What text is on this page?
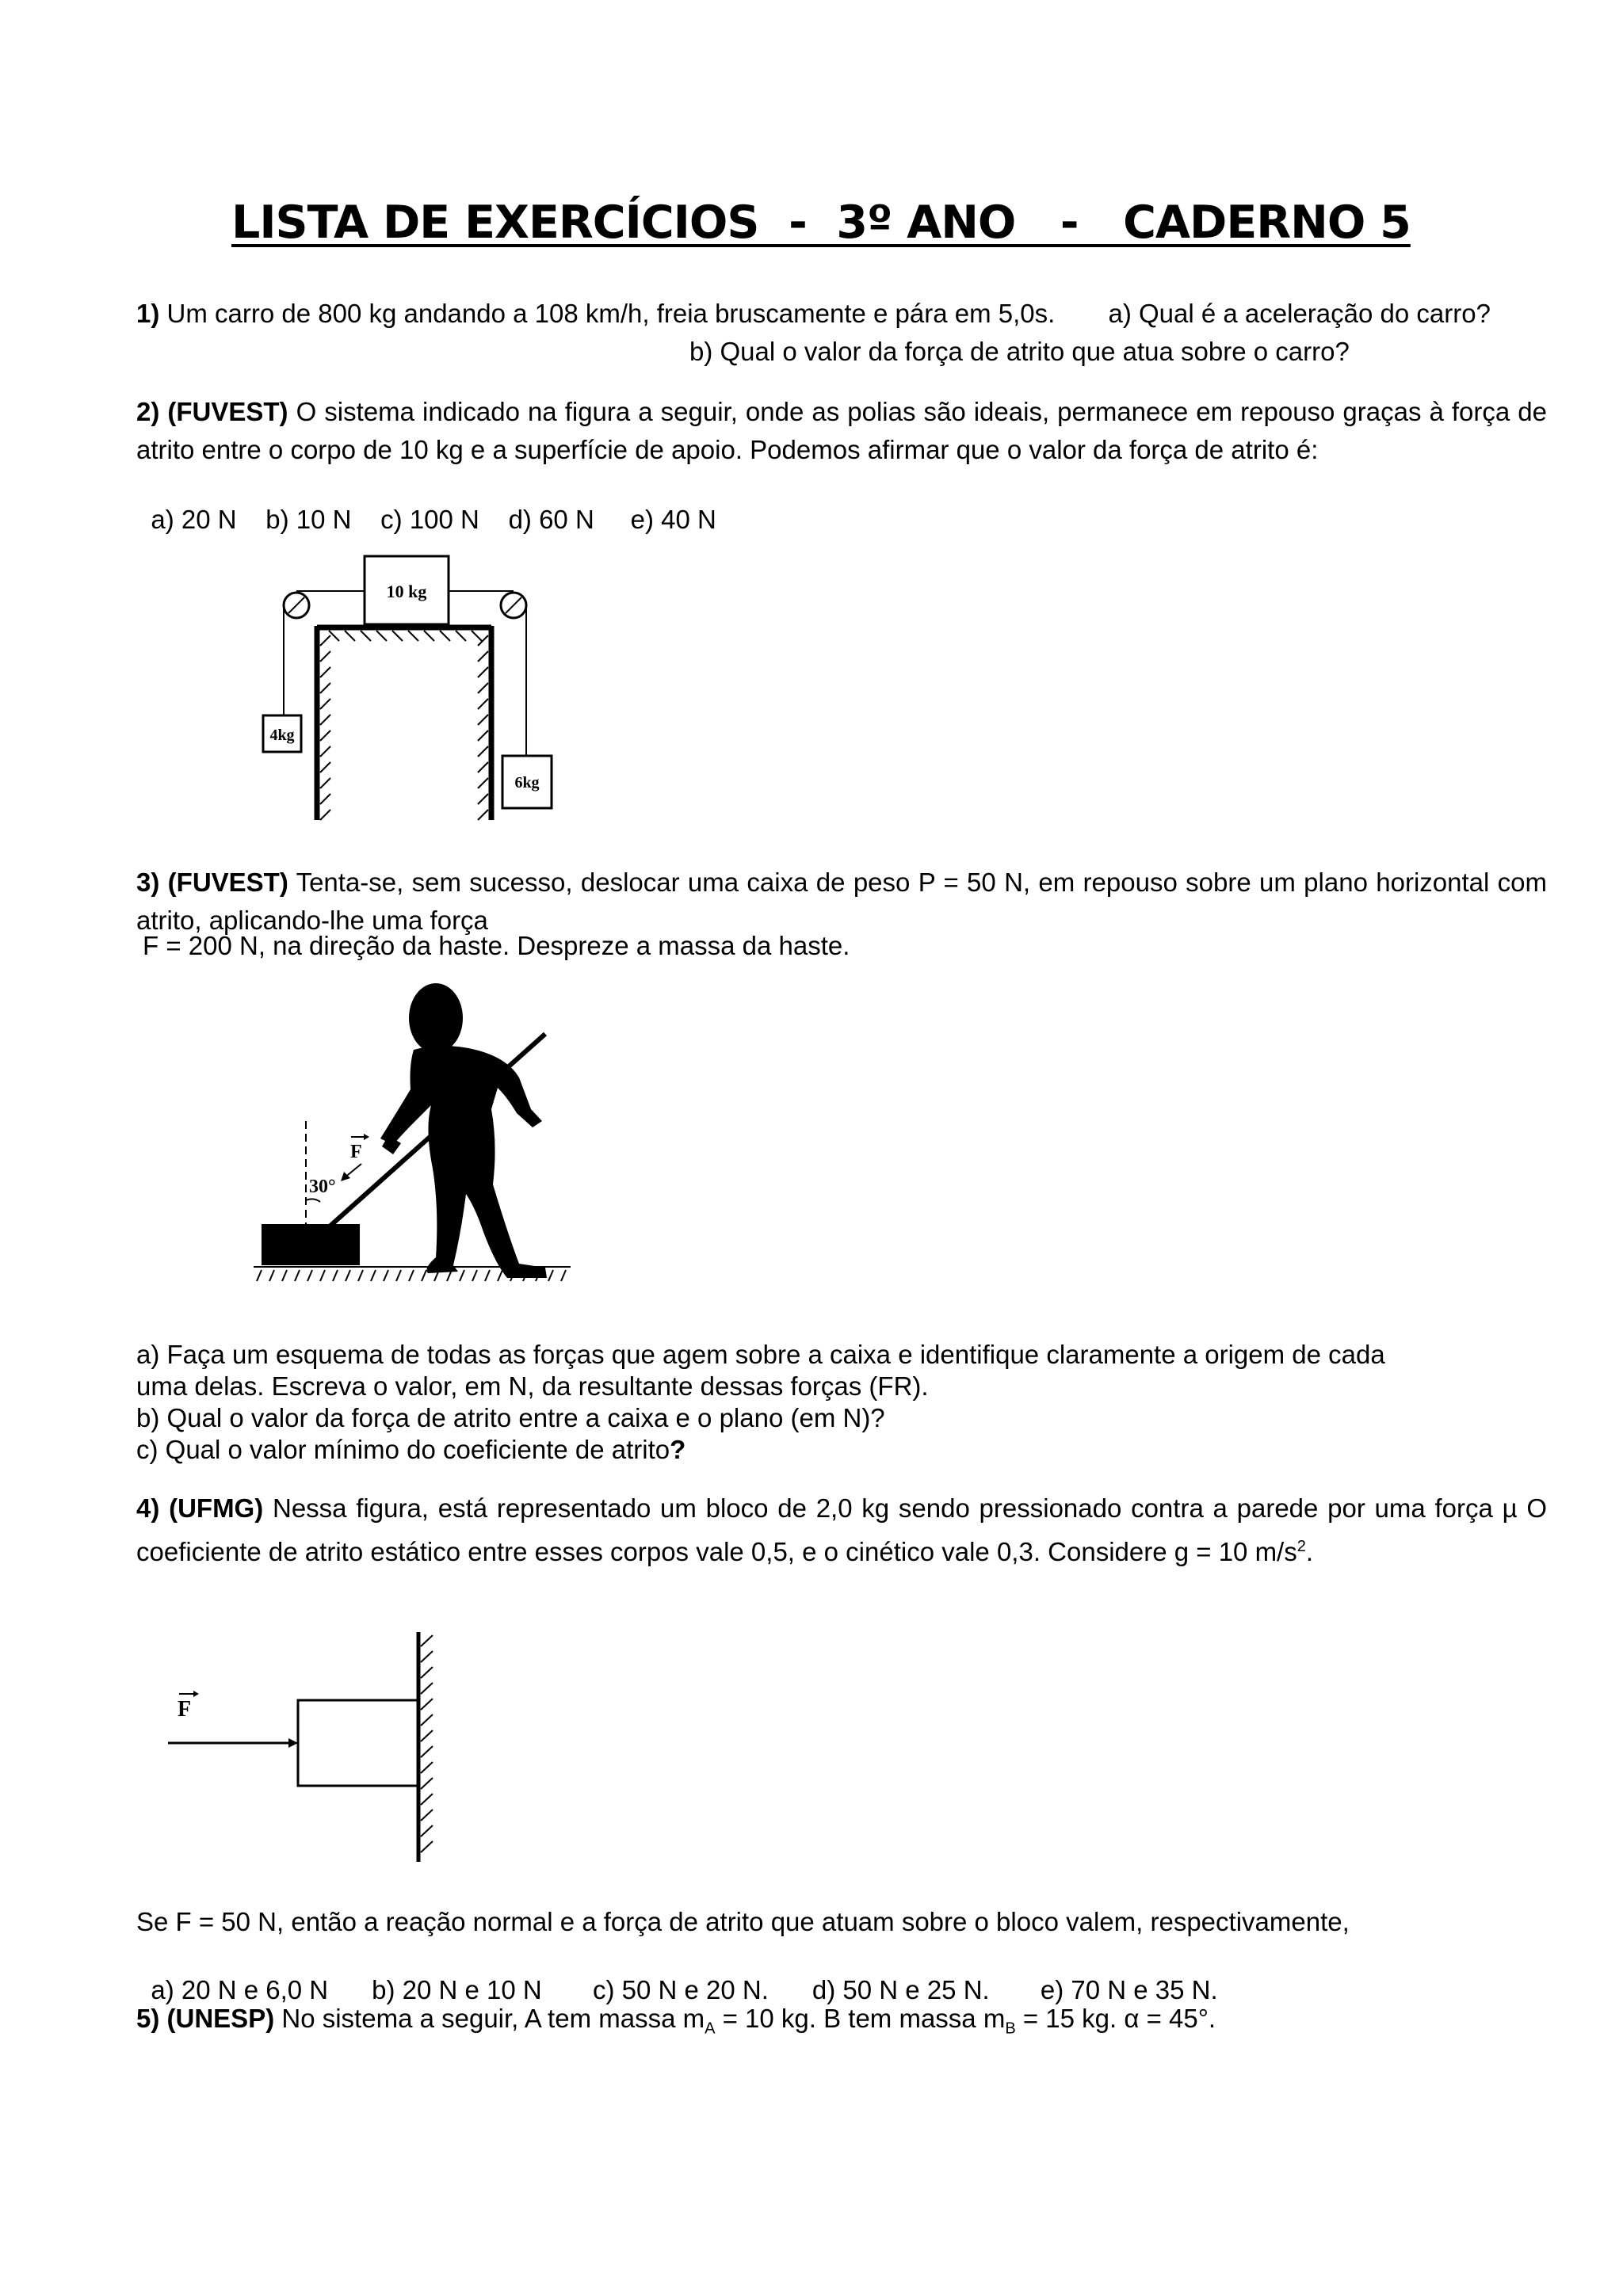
LISTA DE EXERCÍCIOS  -  3º ANO   -   CADERNO 5
1) Um carro de 800 kg andando a 108 km/h, freia bruscamente e pára em 5,0s. a) Qual é a aceleração do carro?
b) Qual o valor da força de atrito que atua sobre o carro?
2) (FUVEST) O sistema indicado na figura a seguir, onde as polias são ideais, permanece em repouso graças à força de atrito entre o corpo de 10 kg e a superfície de apoio. Podemos afirmar que o valor da força de atrito é:

a) 20 N b) 10 N c) 100 N d) 60 N e) 40 N

10 kg
4kg
6kg
3) (FUVEST) Tenta-se, sem sucesso, deslocar uma caixa de peso P = 50 N, em repouso sobre um plano horizontal com atrito, aplicando-lhe uma força
F = 200 N, na direção da haste. Despreze a massa da haste.
30°
F
a) Faça um esquema de todas as forças que agem sobre a caixa e identifique claramente a origem de cada
uma delas. Escreva o valor, em N, da resultante dessas forças (FR).
b) Qual o valor da força de atrito entre a caixa e o plano (em N)?
c) Qual o valor mínimo do coeficiente de atrito?
4) (UFMG) Nessa figura, está representado um bloco de 2,0 kg sendo pressionado contra a parede por uma força µ O coeficiente de atrito estático entre esses corpos vale 0,5, e o cinético vale 0,3. Considere g = 10 $m/s^2$.
F
Se F = 50 N, então a reação normal e a força de atrito que atuam sobre o bloco valem, respectivamente,

a) 20 N e 6,0 N b) 20 N e 10 N c) 50 N e 20 N. d) 50 N e 25 N. e) 70 N e 35 N.

5) (UNESP) No sistema a seguir, A tem massa $m_A = 10$ kg. B tem massa $m_B = 15$ kg. α = 45°.
